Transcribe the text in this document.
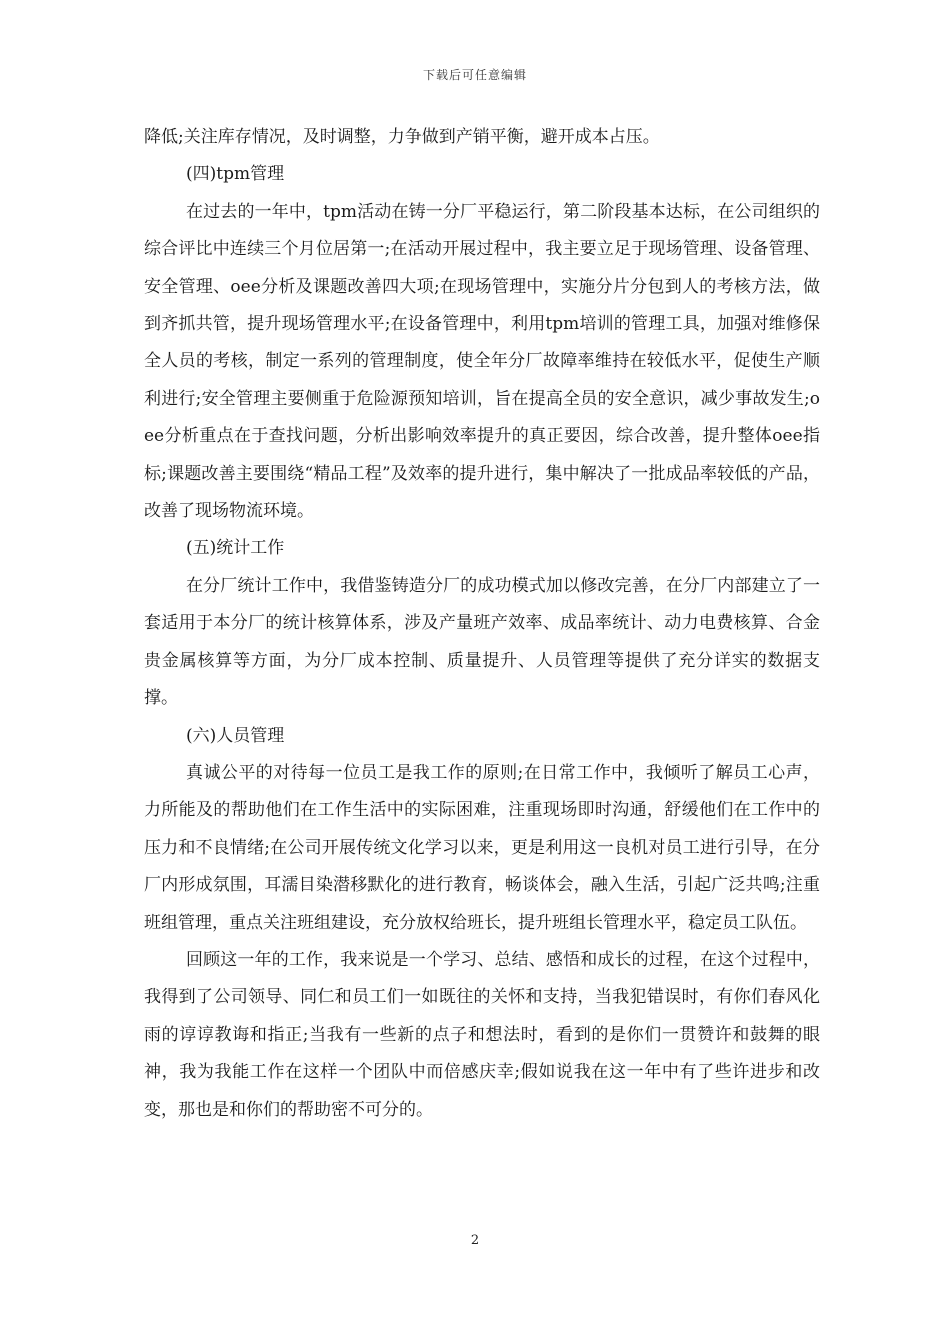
下载后可任意编辑

降低;关注库存情况，及时调整，力争做到产销平衡，避开成本占压。

(四)tpm管理

在过去的一年中，tpm活动在铸一分厂平稳运行，第二阶段基本达标，在公司组织的综合评比中连续三个月位居第一;在活动开展过程中，我主要立足于现场管理、设备管理、安全管理、oee分析及课题改善四大项;在现场管理中，实施分片分包到人的考核方法，做到齐抓共管，提升现场管理水平;在设备管理中，利用tpm培训的管理工具，加强对维修保全人员的考核，制定一系列的管理制度，使全年分厂故障率维持在较低水平，促使生产顺利进行;安全管理主要侧重于危险源预知培训，旨在提高全员的安全意识，减少事故发生;oee分析重点在于查找问题，分析出影响效率提升的真正要因，综合改善，提升整体oee指标;课题改善主要围绕“精品工程”及效率的提升进行，集中解决了一批成品率较低的产品，改善了现场物流环境。

(五)统计工作

在分厂统计工作中，我借鉴铸造分厂的成功模式加以修改完善，在分厂内部建立了一套适用于本分厂的统计核算体系，涉及产量班产效率、成品率统计、动力电费核算、合金贵金属核算等方面，为分厂成本控制、质量提升、人员管理等提供了充分详实的数据支撑。

(六)人员管理

真诚公平的对待每一位员工是我工作的原则;在日常工作中，我倾听了解员工心声，力所能及的帮助他们在工作生活中的实际困难，注重现场即时沟通，舒缓他们在工作中的压力和不良情绪;在公司开展传统文化学习以来，更是利用这一良机对员工进行引导，在分厂内形成氛围，耳濡目染潜移默化的进行教育，畅谈体会，融入生活，引起广泛共鸣;注重班组管理，重点关注班组建设，充分放权给班长，提升班组长管理水平，稳定员工队伍。

回顾这一年的工作，我来说是一个学习、总结、感悟和成长的过程，在这个过程中，我得到了公司领导、同仁和员工们一如既往的关怀和支持，当我犯错误时，有你们春风化雨的谆谆教诲和指正;当我有一些新的点子和想法时，看到的是你们一贯赞许和鼓舞的眼神，我为我能工作在这样一个团队中而倍感庆幸;假如说我在这一年中有了些许进步和改变，那也是和你们的帮助密不可分的。

2
